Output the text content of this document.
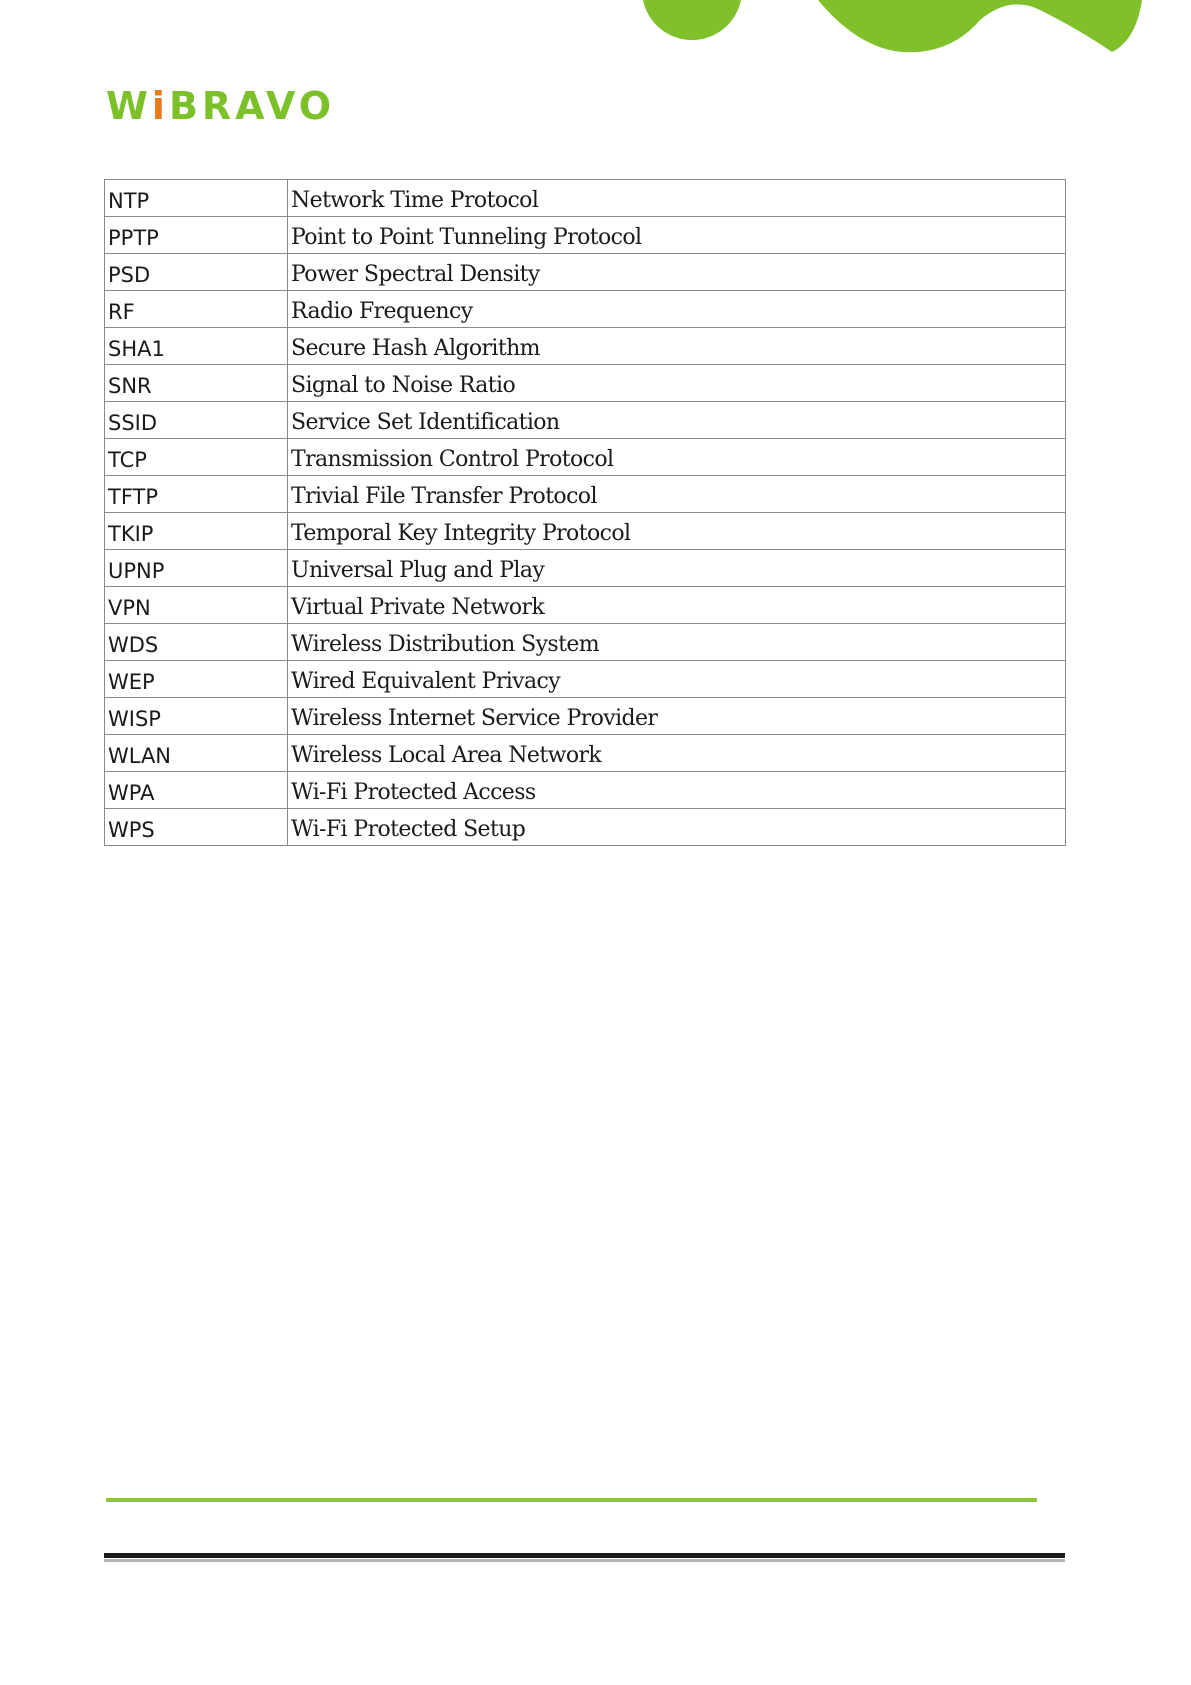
WiBRAVO
NTP	Network Time Protocol
PPTP	Point to Point Tunneling Protocol
PSD	Power Spectral Density
RF	Radio Frequency
SHA1	Secure Hash Algorithm
SNR	Signal to Noise Ratio
SSID	Service Set Identification
TCP	Transmission Control Protocol
TFTP	Trivial File Transfer Protocol
TKIP	Temporal Key Integrity Protocol
UPNP	Universal Plug and Play
VPN	Virtual Private Network
WDS	Wireless Distribution System
WEP	Wired Equivalent Privacy
WISP	Wireless Internet Service Provider
WLAN	Wireless Local Area Network
WPA	Wi-Fi Protected Access
WPS	Wi-Fi Protected Setup
